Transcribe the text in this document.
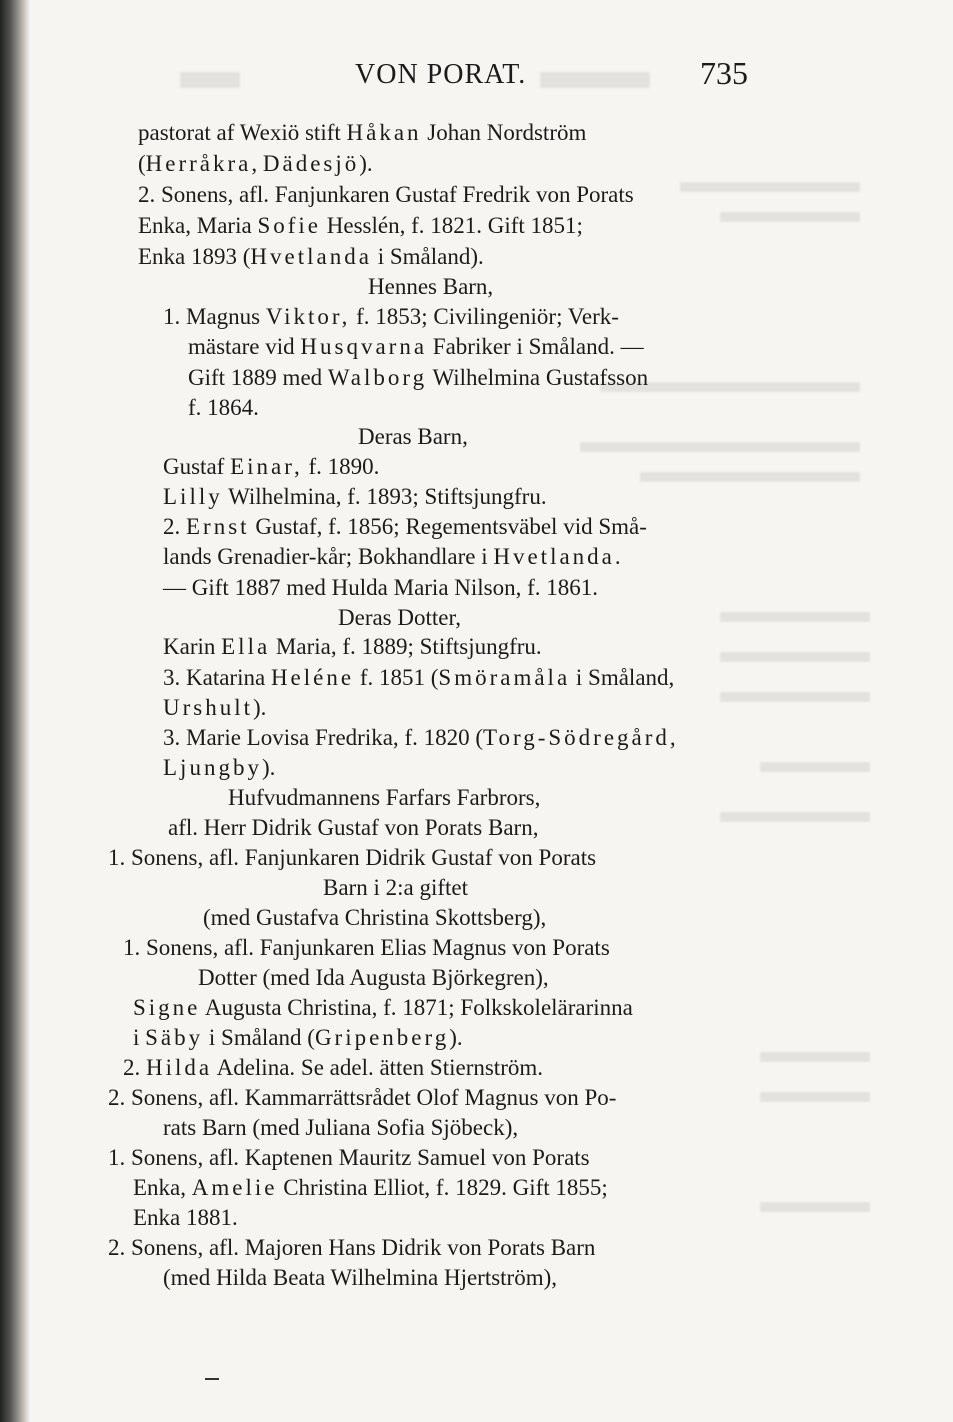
VON PORAT.	735
pastorat af Wexiö stift Håkan Johan Nordström
(Herråkra, Dädesjö).
2. Sonens, afl. Fanjunkaren Gustaf Fredrik von Porats
Enka, Maria Sofie Hesslén, f. 1821. Gift 1851;
Enka 1893 (Hvetlanda i Småland).
Hennes Barn,
1. Magnus Viktor, f. 1853; Civilingeniör; Verk-
mästare vid Husqvarna Fabriker i Småland. —
Gift 1889 med Walborg Wilhelmina Gustafsson
f. 1864.
Deras Barn,
Gustaf Einar, f. 1890.
Lilly Wilhelmina, f. 1893; Stiftsjungfru.
2. Ernst Gustaf, f. 1856; Regementsväbel vid Små-
lands Grenadier-kår; Bokhandlare i Hvetlanda.
— Gift 1887 med Hulda Maria Nilson, f. 1861.
Deras Dotter,
Karin Ella Maria, f. 1889; Stiftsjungfru.
3. Katarina Heléne f. 1851 (Smöramåla i Småland,
Urshult).
3. Marie Lovisa Fredrika, f. 1820 (Torg-Södregård,
Ljungby).
Hufvudmannens Farfars Farbrors,
afl. Herr Didrik Gustaf von Porats Barn,
1. Sonens, afl. Fanjunkaren Didrik Gustaf von Porats
Barn i 2:a giftet
(med Gustafva Christina Skottsberg),
1. Sonens, afl. Fanjunkaren Elias Magnus von Porats
Dotter (med Ida Augusta Björkegren),
Signe Augusta Christina, f. 1871; Folkskolelärarinna
i Säby i Småland (Gripenberg).
2. Hilda Adelina. Se adel. ätten Stiernström.
2. Sonens, afl. Kammarrättsrådet Olof Magnus von Po-
rats Barn (med Juliana Sofia Sjöbeck),
1. Sonens, afl. Kaptenen Mauritz Samuel von Porats
Enka, Amelie Christina Elliot, f. 1829. Gift 1855;
Enka 1881.
2. Sonens, afl. Majoren Hans Didrik von Porats Barn
(med Hilda Beata Wilhelmina Hjertström),
